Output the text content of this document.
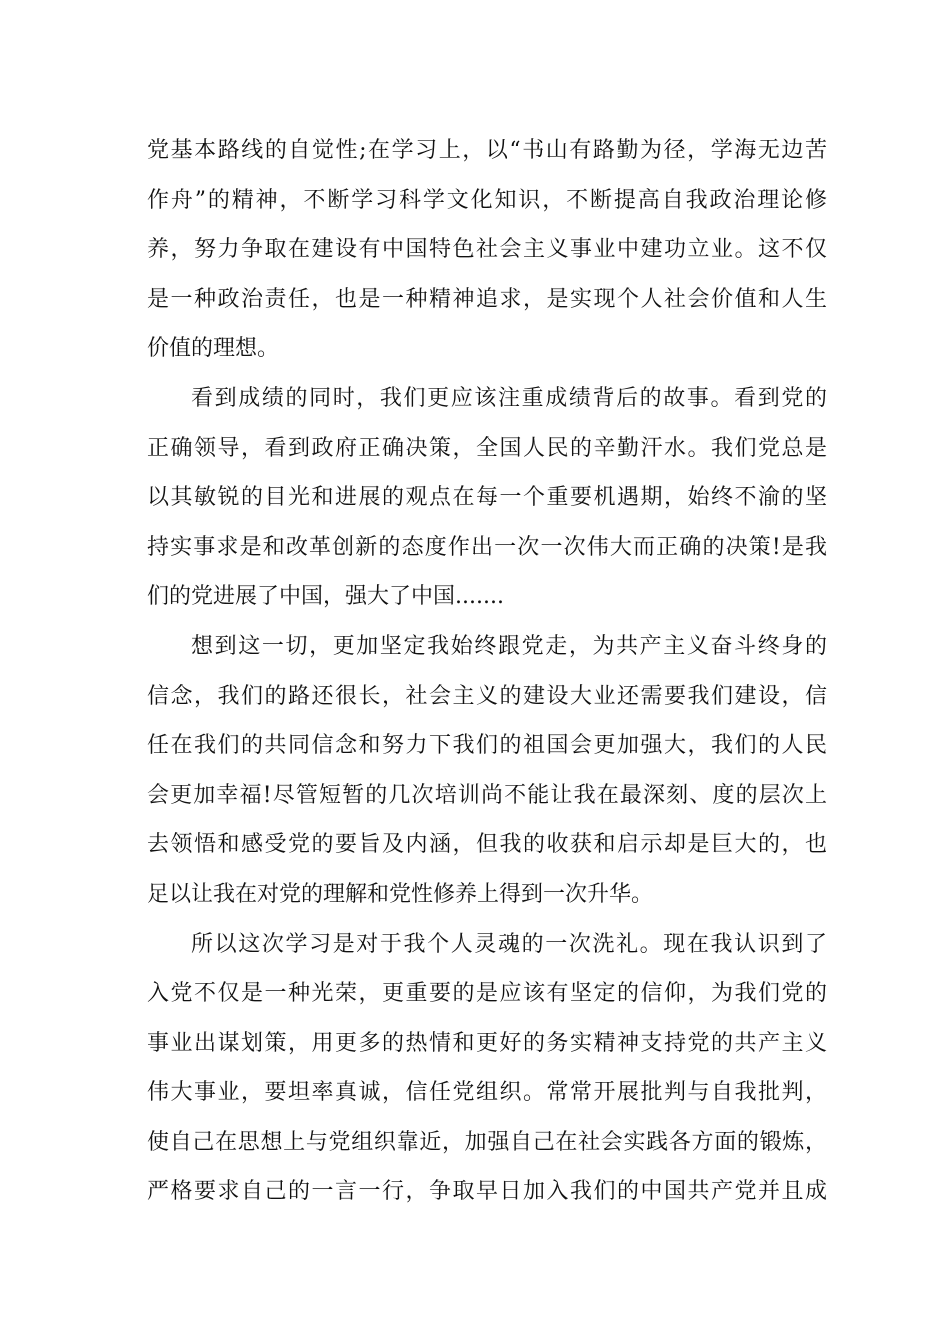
党基本路线的自觉性;在学习上，以“书山有路勤为径，学海无边苦
作舟”的精神，不断学习科学文化知识，不断提高自我政治理论修
养，努力争取在建设有中国特色社会主义事业中建功立业。这不仅
是一种政治责任，也是一种精神追求，是实现个人社会价值和人生
价值的理想。
看到成绩的同时，我们更应该注重成绩背后的故事。看到党的
正确领导，看到政府正确决策，全国人民的辛勤汗水。我们党总是
以其敏锐的目光和进展的观点在每一个重要机遇期，始终不渝的坚
持实事求是和改革创新的态度作出一次一次伟大而正确的决策!是我
们的党进展了中国，强大了中国.......
想到这一切，更加坚定我始终跟党走，为共产主义奋斗终身的
信念，我们的路还很长，社会主义的建设大业还需要我们建设，信
任在我们的共同信念和努力下我们的祖国会更加强大，我们的人民
会更加幸福!尽管短暂的几次培训尚不能让我在最深刻、度的层次上
去领悟和感受党的要旨及内涵，但我的收获和启示却是巨大的，也
足以让我在对党的理解和党性修养上得到一次升华。
所以这次学习是对于我个人灵魂的一次洗礼。现在我认识到了
入党不仅是一种光荣，更重要的是应该有坚定的信仰，为我们党的
事业出谋划策，用更多的热情和更好的务实精神支持党的共产主义
伟大事业，要坦率真诚，信任党组织。常常开展批判与自我批判，
使自己在思想上与党组织靠近，加强自己在社会实践各方面的锻炼，
严格要求自己的一言一行，争取早日加入我们的中国共产党并且成
